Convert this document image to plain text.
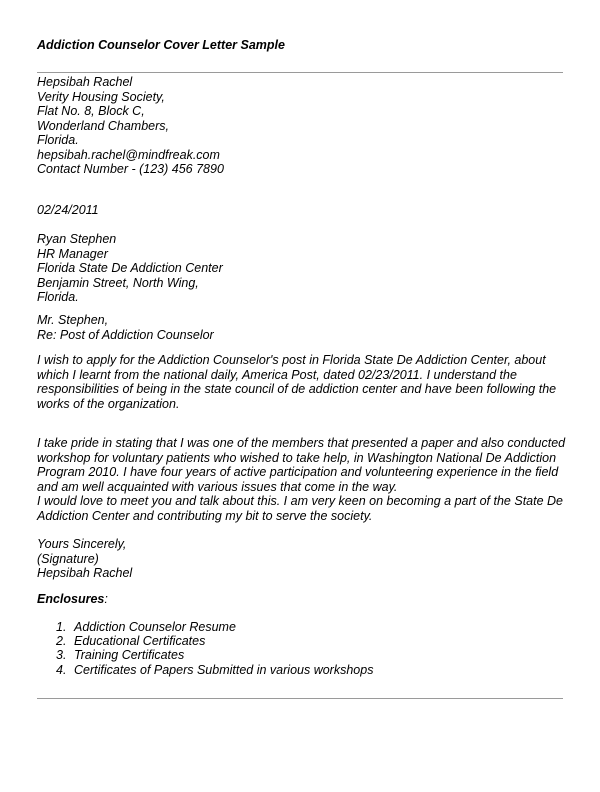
Addiction Counselor Cover Letter Sample
Hepsibah Rachel
Verity Housing Society,
Flat No. 8, Block C,
Wonderland Chambers,
Florida.
hepsibah.rachel@mindfreak.com
Contact Number - (123) 456 7890
02/24/2011
Ryan Stephen
HR Manager
Florida State De Addiction Center
Benjamin Street, North Wing,
Florida.
Mr. Stephen,
Re: Post of Addiction Counselor
I wish to apply for the Addiction Counselor's post in Florida State De Addiction Center, about
which I learnt from the national daily, America Post, dated 02/23/2011. I understand the
responsibilities of being in the state council of de addiction center and have been following the
works of the organization.
I take pride in stating that I was one of the members that presented a paper and also conducted
workshop for voluntary patients who wished to take help, in Washington National De Addiction
Program 2010. I have four years of active participation and volunteering experience in the field
and am well acquainted with various issues that come in the way.
I would love to meet you and talk about this. I am very keen on becoming a part of the State De
Addiction Center and contributing my bit to serve the society.
Yours Sincerely,
(Signature)
Hepsibah Rachel
Enclosures:
1. Addiction Counselor Resume
2. Educational Certificates
3. Training Certificates
4. Certificates of Papers Submitted in various workshops
